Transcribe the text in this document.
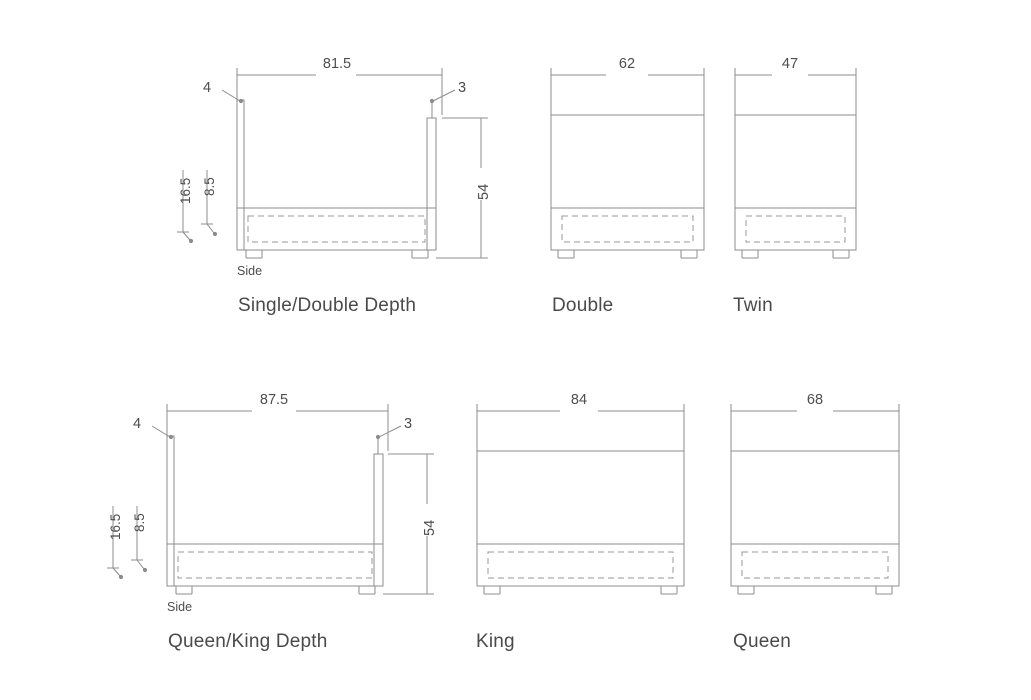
81.5
4	3
54
16.5 8.5
Side
Single/Double Depth
62
Double
47
Twin
87.5
4	3
54
16.5 8.5
Side
Queen/King Depth
84
King
68
Queen
